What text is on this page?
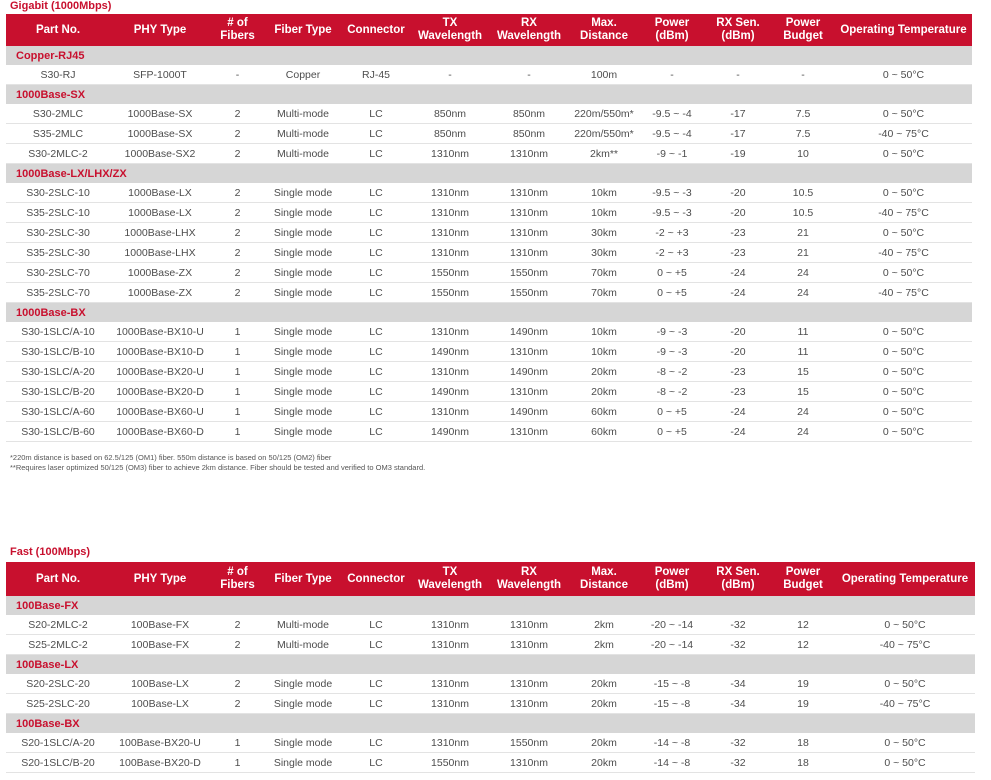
Gigabit (1000Mbps)
Part No.	PHY Type	# of Fibers	Fiber Type	Connector	TX Wavelength	RX Wavelength	Max. Distance	Power (dBm)	RX Sen. (dBm)	Power Budget	Operating Temperature
Copper-RJ45											
S30-RJ	SFP-1000T	-	Copper	RJ-45	-	-	100m	-	-	-	0 ~ 50°C
1000Base-SX											
S30-2MLC	1000Base-SX	2	Multi-mode	LC	850nm	850nm	220m/550m*	-9.5 ~ -4	-17	7.5	0 ~ 50°C
S35-2MLC	1000Base-SX	2	Multi-mode	LC	850nm	850nm	220m/550m*	-9.5 ~ -4	-17	7.5	-40 ~ 75°C
S30-2MLC-2	1000Base-SX2	2	Multi-mode	LC	1310nm	1310nm	2km**	-9 ~ -1	-19	10	0 ~ 50°C
1000Base-LX/LHX/ZX											
S30-2SLC-10	1000Base-LX	2	Single mode	LC	1310nm	1310nm	10km	-9.5 ~ -3	-20	10.5	0 ~ 50°C
S35-2SLC-10	1000Base-LX	2	Single mode	LC	1310nm	1310nm	10km	-9.5 ~ -3	-20	10.5	-40 ~ 75°C
S30-2SLC-30	1000Base-LHX	2	Single mode	LC	1310nm	1310nm	30km	-2 ~ +3	-23	21	0 ~ 50°C
S35-2SLC-30	1000Base-LHX	2	Single mode	LC	1310nm	1310nm	30km	-2 ~ +3	-23	21	-40 ~ 75°C
S30-2SLC-70	1000Base-ZX	2	Single mode	LC	1550nm	1550nm	70km	0 ~ +5	-24	24	0 ~ 50°C
S35-2SLC-70	1000Base-ZX	2	Single mode	LC	1550nm	1550nm	70km	0 ~ +5	-24	24	-40 ~ 75°C
1000Base-BX											
S30-1SLC/A-10	1000Base-BX10-U	1	Single mode	LC	1310nm	1490nm	10km	-9 ~ -3	-20	11	0 ~ 50°C
S30-1SLC/B-10	1000Base-BX10-D	1	Single mode	LC	1490nm	1310nm	10km	-9 ~ -3	-20	11	0 ~ 50°C
S30-1SLC/A-20	1000Base-BX20-U	1	Single mode	LC	1310nm	1490nm	20km	-8 ~ -2	-23	15	0 ~ 50°C
S30-1SLC/B-20	1000Base-BX20-D	1	Single mode	LC	1490nm	1310nm	20km	-8 ~ -2	-23	15	0 ~ 50°C
S30-1SLC/A-60	1000Base-BX60-U	1	Single mode	LC	1310nm	1490nm	60km	0 ~ +5	-24	24	0 ~ 50°C
S30-1SLC/B-60	1000Base-BX60-D	1	Single mode	LC	1490nm	1310nm	60km	0 ~ +5	-24	24	0 ~ 50°C
*220m distance is based on 62.5/125 (OM1) fiber. 550m distance is based on 50/125 (OM2) fiber
**Requires laser optimized 50/125 (OM3) fiber to achieve 2km distance. Fiber should be tested and verified to OM3 standard.
Fast (100Mbps)
Part No.	PHY Type	# of Fibers	Fiber Type	Connector	TX Wavelength	RX Wavelength	Max. Distance	Power (dBm)	RX Sen. (dBm)	Power Budget	Operating Temperature
100Base-FX											
S20-2MLC-2	100Base-FX	2	Multi-mode	LC	1310nm	1310nm	2km	-20 ~ -14	-32	12	0 ~ 50°C
S25-2MLC-2	100Base-FX	2	Multi-mode	LC	1310nm	1310nm	2km	-20 ~ -14	-32	12	-40 ~ 75°C
100Base-LX											
S20-2SLC-20	100Base-LX	2	Single mode	LC	1310nm	1310nm	20km	-15 ~ -8	-34	19	0 ~ 50°C
S25-2SLC-20	100Base-LX	2	Single mode	LC	1310nm	1310nm	20km	-15 ~ -8	-34	19	-40 ~ 75°C
100Base-BX											
S20-1SLC/A-20	100Base-BX20-U	1	Single mode	LC	1310nm	1550nm	20km	-14 ~ -8	-32	18	0 ~ 50°C
S20-1SLC/B-20	100Base-BX20-D	1	Single mode	LC	1550nm	1310nm	20km	-14 ~ -8	-32	18	0 ~ 50°C
